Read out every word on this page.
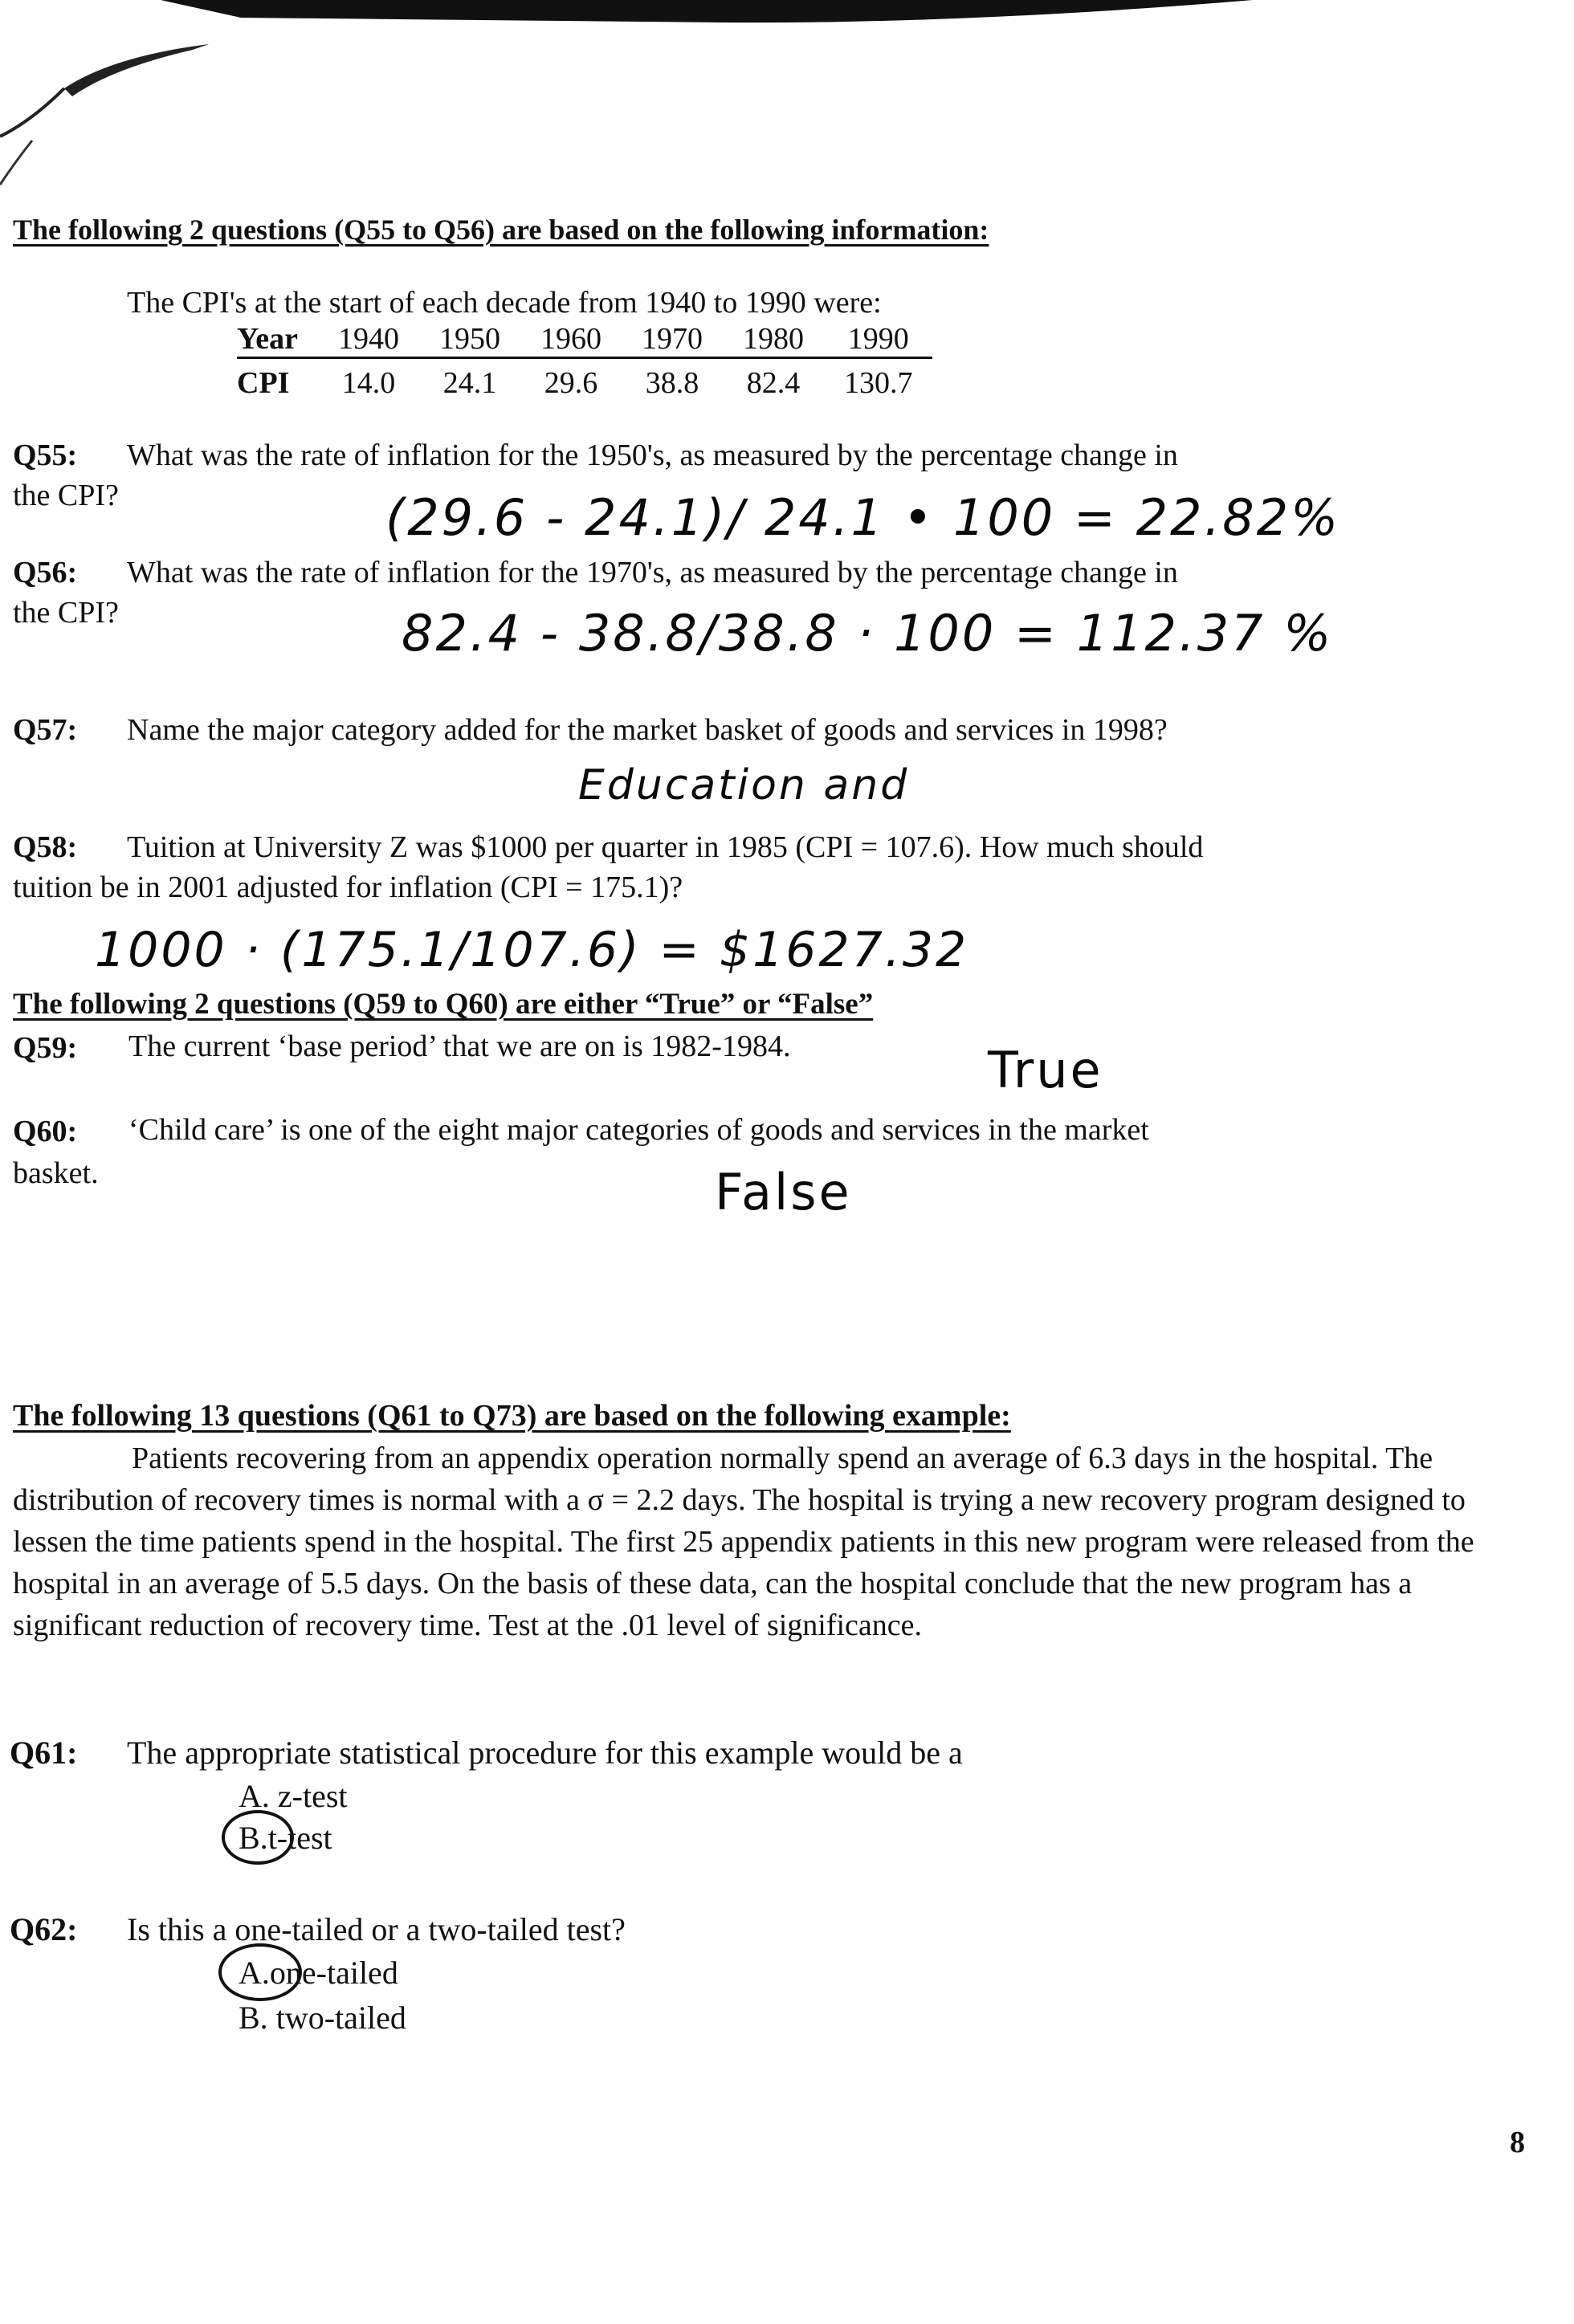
The following 2 questions (Q55 to Q56) are based on the following information:
The CPI's at the start of each decade from 1940 to 1990 were:
Year	1940	1950	1960	1970	1980	1990
CPI	14.0	24.1	29.6	38.8	82.4	130.7
Q55: What was the rate of inflation for the 1950's, as measured by the percentage change in
the CPI?	(29.6 - 24.1)/ 24.1 • 100 = 22.82%
Q56: What was the rate of inflation for the 1970's, as measured by the percentage change in
the CPI?	82.4 - 38.8/38.8 · 100 = 112.37 %
Q57: Name the major category added for the market basket of goods and services in 1998?
Education and
Q58: Tuition at University Z was $1000 per quarter in 1985 (CPI = 107.6). How much should
tuition be in 2001 adjusted for inflation (CPI = 175.1)?
1000 · (175.1/107.6) = $1627.32
The following 2 questions (Q59 to Q60) are either “True” or “False”
Q59: The current ‘base period’ that we are on is 1982-1984.	True
Q60: ‘Child care’ is one of the eight major categories of goods and services in the market
basket.	False
The following 13 questions (Q61 to Q73) are based on the following example:
Patients recovering from an appendix operation normally spend an average of 6.3 days in the hospital. The distribution of recovery times is normal with a σ = 2.2 days. The hospital is trying a new recovery program designed to lessen the time patients spend in the hospital. The first 25 appendix patients in this new program were released from the hospital in an average of 5.5 days. On the basis of these data, can the hospital conclude that the new program has a significant reduction of recovery time. Test at the .01 level of significance.
Q61: The appropriate statistical procedure for this example would be a
A. z-test
B.t-test
Q62: Is this a one-tailed or a two-tailed test?
A.one-tailed
B. two-tailed
8
